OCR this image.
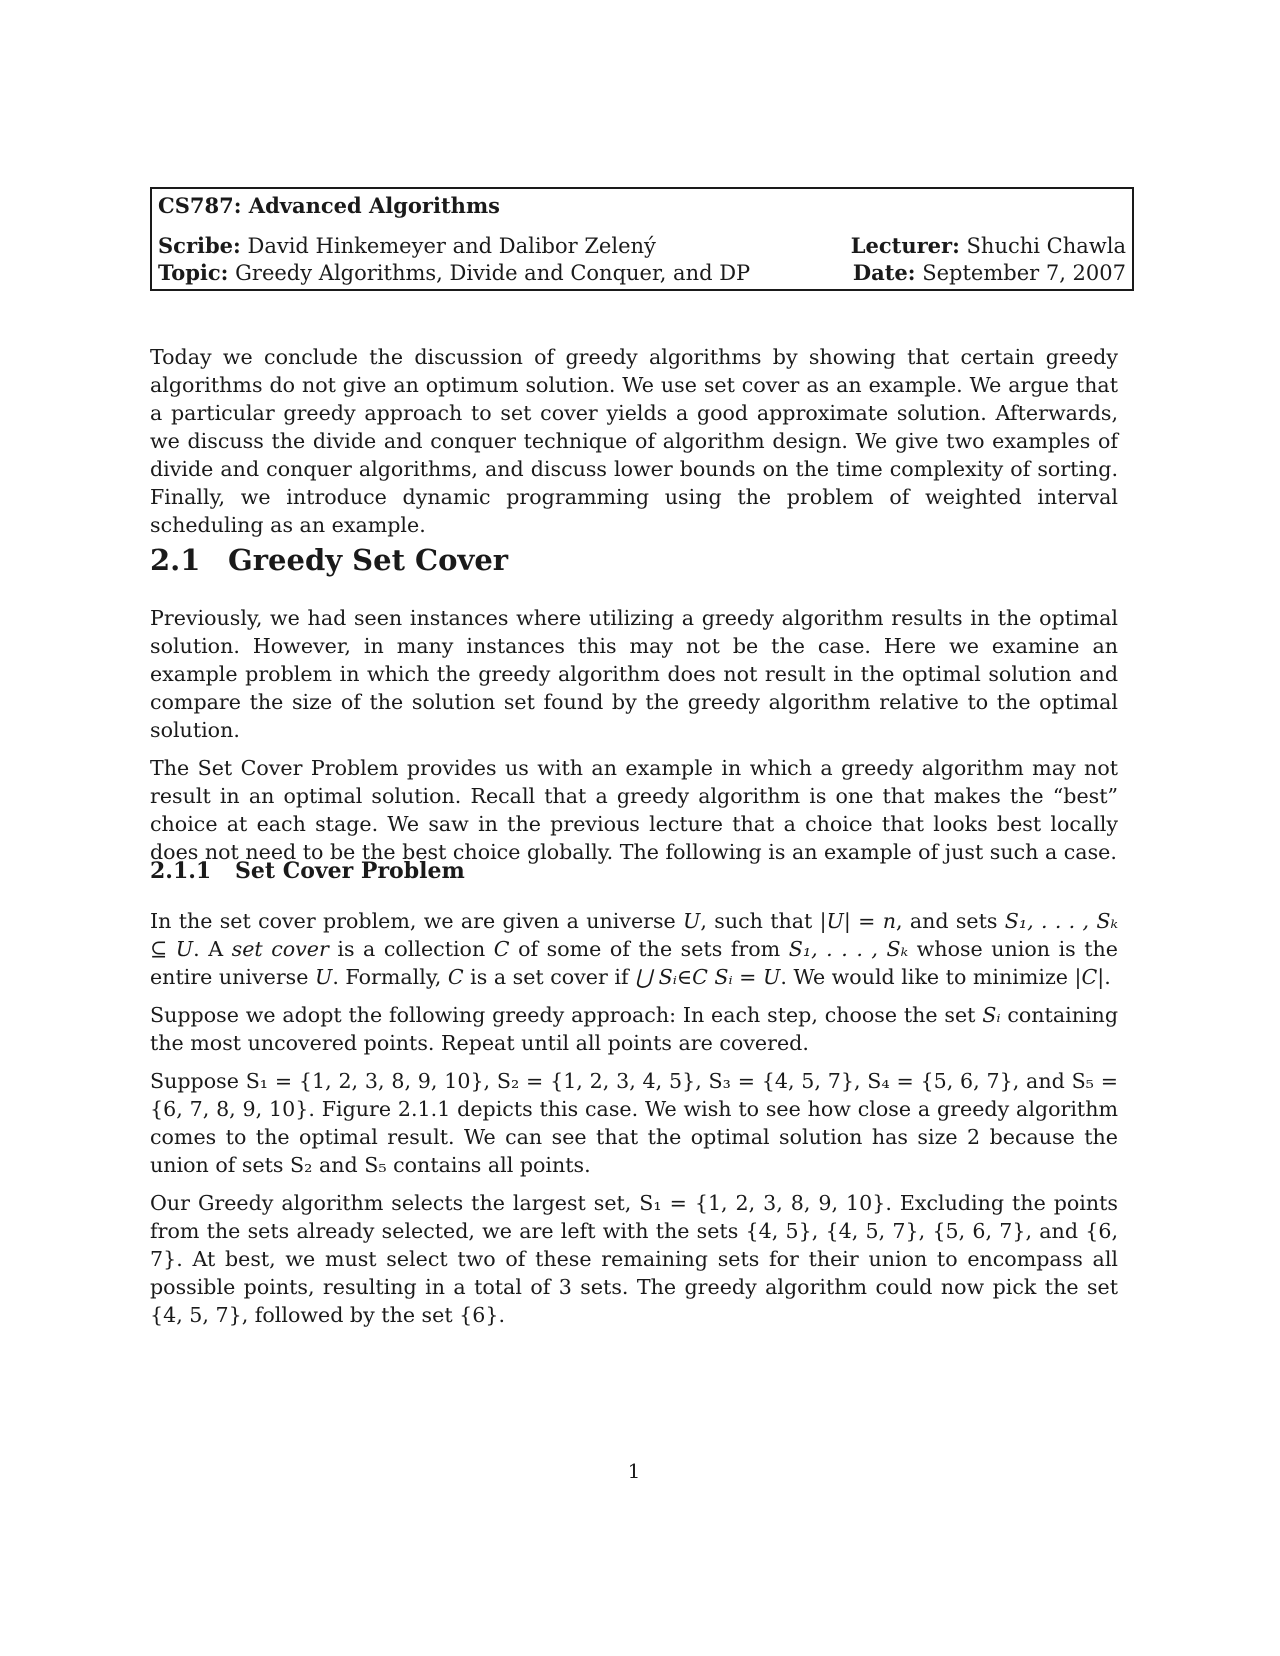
CS787: Advanced Algorithms
Scribe: David Hinkemeyer and Dalibor Zelený	Lecturer: Shuchi Chawla
Topic: Greedy Algorithms, Divide and Conquer, and DP	Date: September 7, 2007

Today we conclude the discussion of greedy algorithms by showing that certain greedy algorithms do not give an optimum solution. We use set cover as an example. We argue that a particular greedy approach to set cover yields a good approximate solution. Afterwards, we discuss the divide and conquer technique of algorithm design. We give two examples of divide and conquer algorithms, and discuss lower bounds on the time complexity of sorting. Finally, we introduce dynamic programming using the problem of weighted interval scheduling as an example.

2.1 Greedy Set Cover

Previously, we had seen instances where utilizing a greedy algorithm results in the optimal solution. However, in many instances this may not be the case. Here we examine an example problem in which the greedy algorithm does not result in the optimal solution and compare the size of the solution set found by the greedy algorithm relative to the optimal solution.

The Set Cover Problem provides us with an example in which a greedy algorithm may not result in an optimal solution. Recall that a greedy algorithm is one that makes the “best” choice at each stage. We saw in the previous lecture that a choice that looks best locally does not need to be the best choice globally. The following is an example of just such a case.

2.1.1 Set Cover Problem

In the set cover problem, we are given a universe U, such that |U| = n, and sets S₁, . . . , Sₖ ⊆ U. A set cover is a collection C of some of the sets from S₁, . . . , Sₖ whose union is the entire universe U. Formally, C is a set cover if ⋃ Sᵢ∈C Sᵢ = U. We would like to minimize |C|.

Suppose we adopt the following greedy approach: In each step, choose the set Sᵢ containing the most uncovered points. Repeat until all points are covered.

Suppose S₁ = {1, 2, 3, 8, 9, 10}, S₂ = {1, 2, 3, 4, 5}, S₃ = {4, 5, 7}, S₄ = {5, 6, 7}, and S₅ = {6, 7, 8, 9, 10}. Figure 2.1.1 depicts this case. We wish to see how close a greedy algorithm comes to the optimal result. We can see that the optimal solution has size 2 because the union of sets S₂ and S₅ contains all points.

Our Greedy algorithm selects the largest set, S₁ = {1, 2, 3, 8, 9, 10}. Excluding the points from the sets already selected, we are left with the sets {4, 5}, {4, 5, 7}, {5, 6, 7}, and {6, 7}. At best, we must select two of these remaining sets for their union to encompass all possible points, resulting in a total of 3 sets. The greedy algorithm could now pick the set {4, 5, 7}, followed by the set {6}.

1
